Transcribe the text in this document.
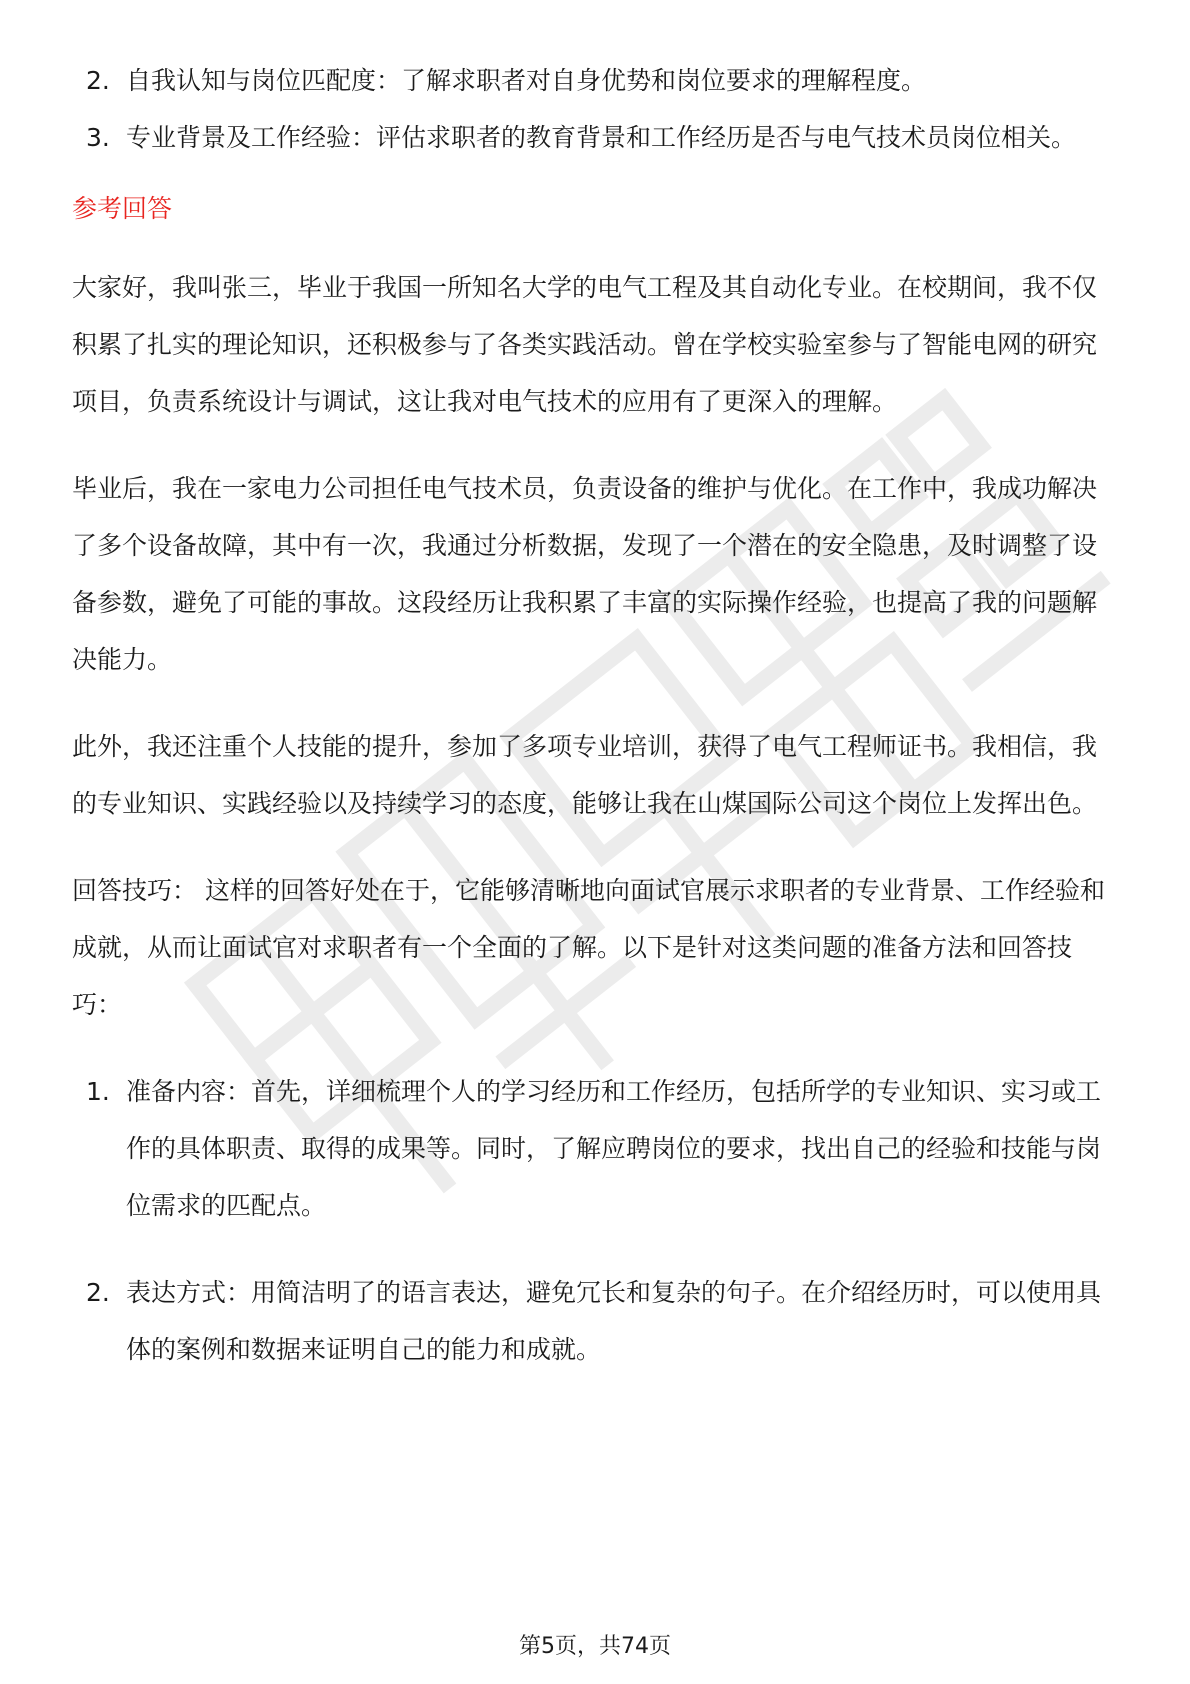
2. 自我认知与岗位匹配度：了解求职者对自身优势和岗位要求的理解程度。
3. 专业背景及工作经验：评估求职者的教育背景和工作经历是否与电气技术员岗位相关。
参考回答

大家好，我叫张三，毕业于我国一所知名大学的电气工程及其自动化专业。在校期间，我不仅积累了扎实的理论知识，还积极参与了各类实践活动。曾在学校实验室参与了智能电网的研究项目，负责系统设计与调试，这让我对电气技术的应用有了更深入的理解。

毕业后，我在一家电力公司担任电气技术员，负责设备的维护与优化。在工作中，我成功解决了多个设备故障，其中有一次，我通过分析数据，发现了一个潜在的安全隐患，及时调整了设备参数，避免了可能的事故。这段经历让我积累了丰富的实际操作经验，也提高了我的问题解决能力。

此外，我还注重个人技能的提升，参加了多项专业培训，获得了电气工程师证书。我相信，我的专业知识、实践经验以及持续学习的态度，能够让我在山煤国际公司这个岗位上发挥出色。

回答技巧： 这样的回答好处在于，它能够清晰地向面试官展示求职者的专业背景、工作经验和成就，从而让面试官对求职者有一个全面的了解。以下是针对这类问题的准备方法和回答技巧：

1. 准备内容：首先，详细梳理个人的学习经历和工作经历，包括所学的专业知识、实习或工作的具体职责、取得的成果等。同时，了解应聘岗位的要求，找出自己的经验和技能与岗位需求的匹配点。
2. 表达方式：用简洁明了的语言表达，避免冗长和复杂的句子。在介绍经历时，可以使用具体的案例和数据来证明自己的能力和成就。
第5页，共74页
